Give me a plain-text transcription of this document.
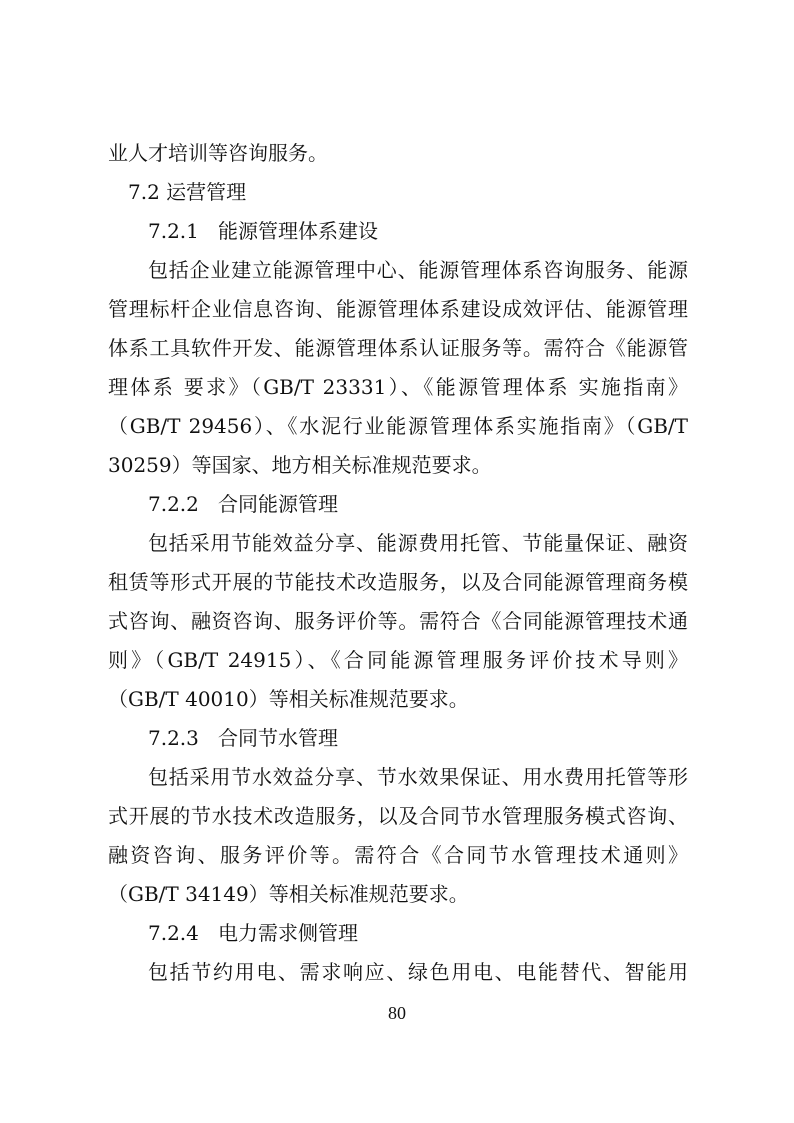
业人才培训等咨询服务。
7.2 运营管理
7.2.1 能源管理体系建设
包括企业建立能源管理中心、能源管理体系咨询服务、能源
管理标杆企业信息咨询、能源管理体系建设成效评估、能源管理
体系工具软件开发、能源管理体系认证服务等。需符合《能源管
理体系 要求》（GB/T 23331）、《能源管理体系 实施指南》
（GB/T 29456）、《水泥行业能源管理体系实施指南》（GB/T
30259）等国家、地方相关标准规范要求。
7.2.2 合同能源管理
包括采用节能效益分享、能源费用托管、节能量保证、融资
租赁等形式开展的节能技术改造服务，以及合同能源管理商务模
式咨询、融资咨询、服务评价等。需符合《合同能源管理技术通
则》（GB/T 24915）、《合同能源管理服务评价技术导则》
（GB/T 40010）等相关标准规范要求。
7.2.3 合同节水管理
包括采用节水效益分享、节水效果保证、用水费用托管等形
式开展的节水技术改造服务，以及合同节水管理服务模式咨询、
融资咨询、服务评价等。需符合《合同节水管理技术通则》
（GB/T 34149）等相关标准规范要求。
7.2.4 电力需求侧管理
包括节约用电、需求响应、绿色用电、电能替代、智能用
80
